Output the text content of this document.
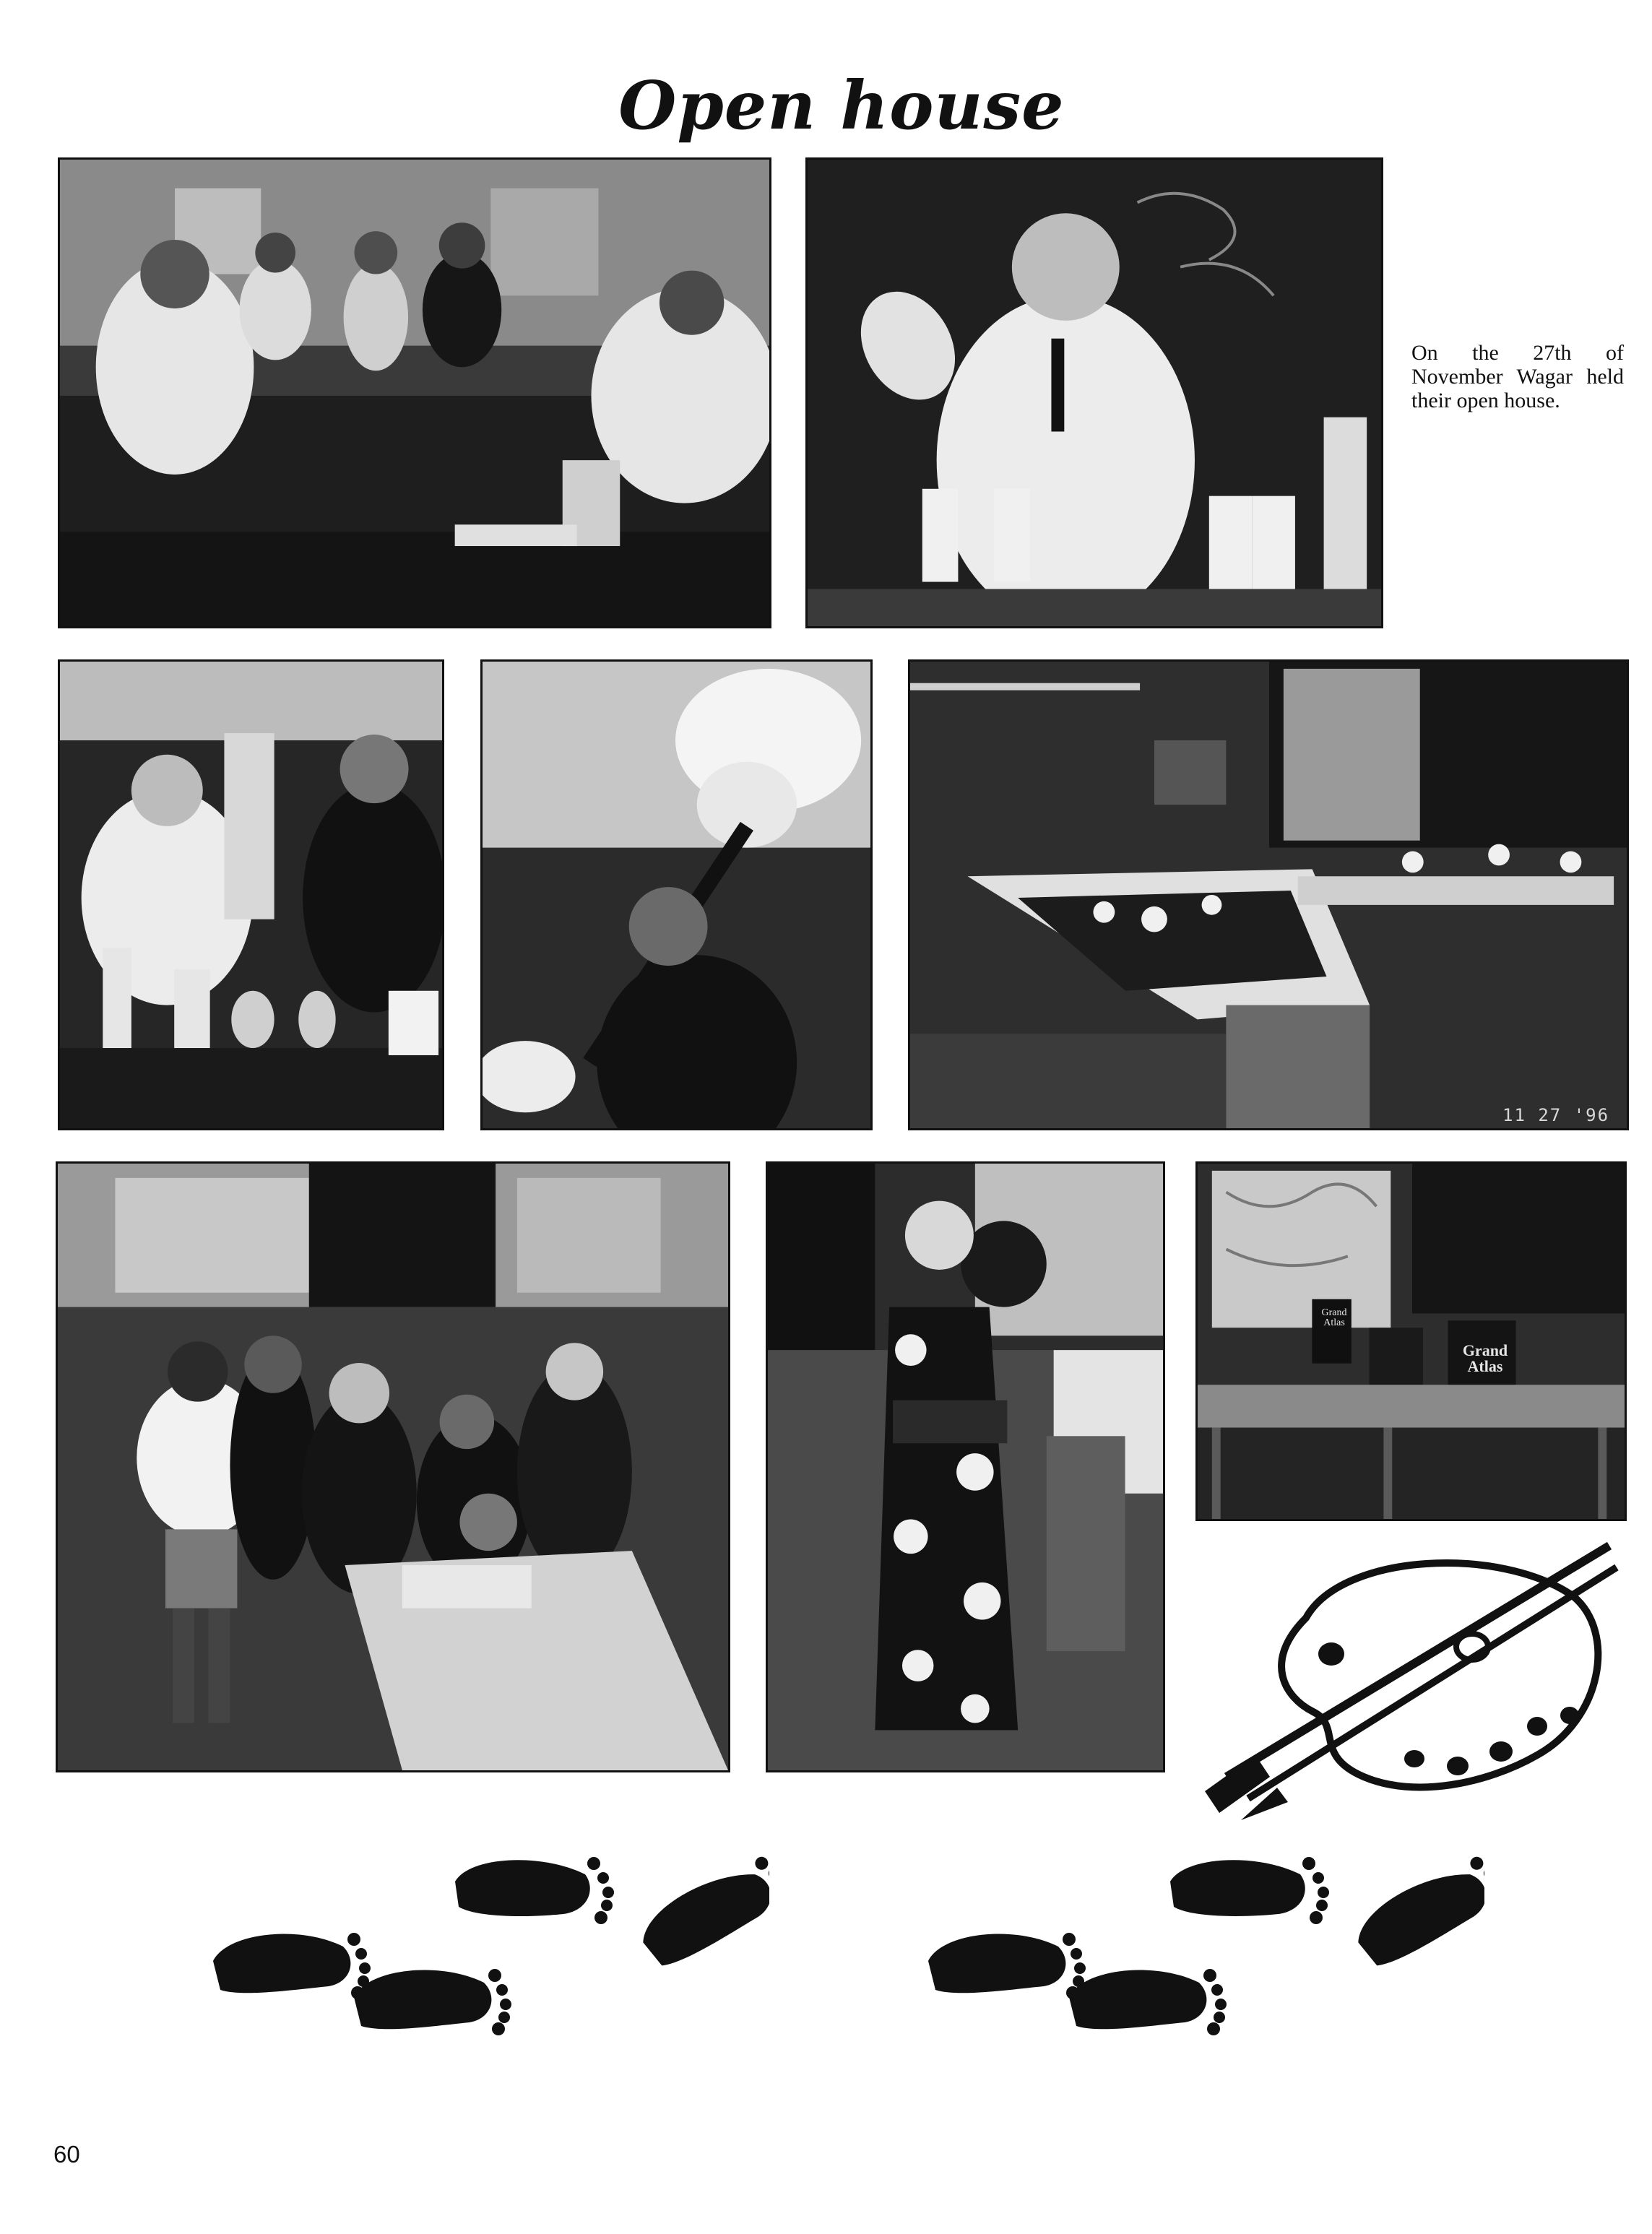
Open house
On the 27th of November Wagar held their open house.
11 27 '96
Grand Atlas
Grand Atlas
60
